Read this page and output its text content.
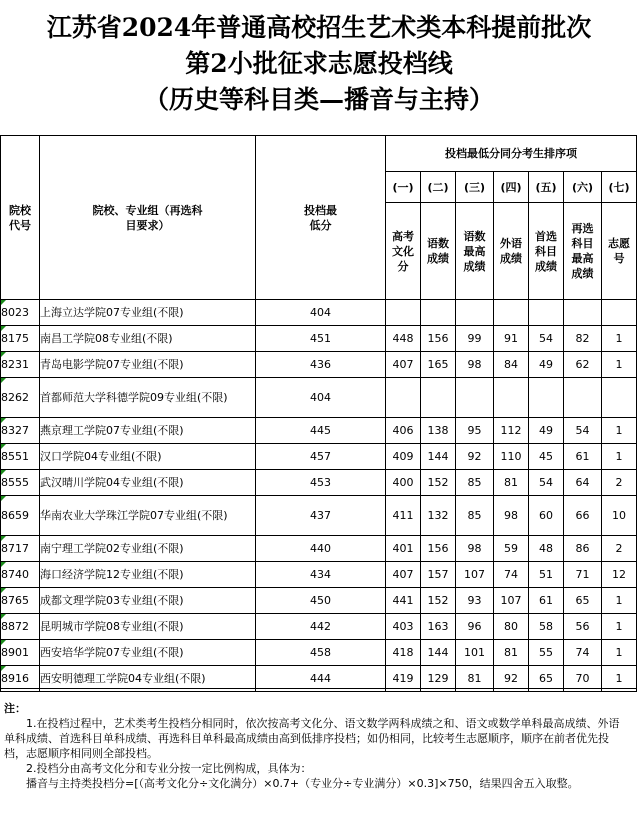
江苏省2024年普通高校招生艺术类本科提前批次
第2小批征求志愿投档线
（历史等科目类—播音与主持）
院校代号	院校、专业组（再选科目要求）	投档最低分	投档最低分同分考生排序项						
			(一)	(二)	(三)	(四)	(五)	(六)	(七)
			高考文化分	语数成绩	语数最高成绩	外语成绩	首选科目成绩	再选科目最高成绩	志愿号
8023	上海立达学院07专业组(不限)	404							
8175	南昌工学院08专业组(不限)	451	448	156	99	91	54	82	1
8231	青岛电影学院07专业组(不限)	436	407	165	98	84	49	62	1
8262	首都师范大学科德学院09专业组(不限)	404							
8327	燕京理工学院07专业组(不限)	445	406	138	95	112	49	54	1
8551	汉口学院04专业组(不限)	457	409	144	92	110	45	61	1
8555	武汉晴川学院04专业组(不限)	453	400	152	85	81	54	64	2
8659	华南农业大学珠江学院07专业组(不限)	437	411	132	85	98	60	66	10
8717	南宁理工学院02专业组(不限)	440	401	156	98	59	48	86	2
8740	海口经济学院12专业组(不限)	434	407	157	107	74	51	71	12
8765	成都文理学院03专业组(不限)	450	441	152	93	107	61	65	1
8872	昆明城市学院08专业组(不限)	442	403	163	96	80	58	56	1
8901	西安培华学院07专业组(不限)	458	418	144	101	81	55	74	1
8916	西安明德理工学院04专业组(不限)	444	419	129	81	92	65	70	1
注：
1.在投档过程中，艺术类考生投档分相同时，依次按高考文化分、语文数学两科成绩之和、语文或数学单科最高成绩、外语单科成绩、首选科目单科成绩、再选科目单科最高成绩由高到低排序投档；如仍相同，比较考生志愿顺序，顺序在前者优先投档，志愿顺序相同则全部投档。
2.投档分由高考文化分和专业分按一定比例构成，具体为：
播音与主持类投档分=[（高考文化分÷文化满分）×0.7+（专业分÷专业满分）×0.3]×750，结果四舍五入取整。
